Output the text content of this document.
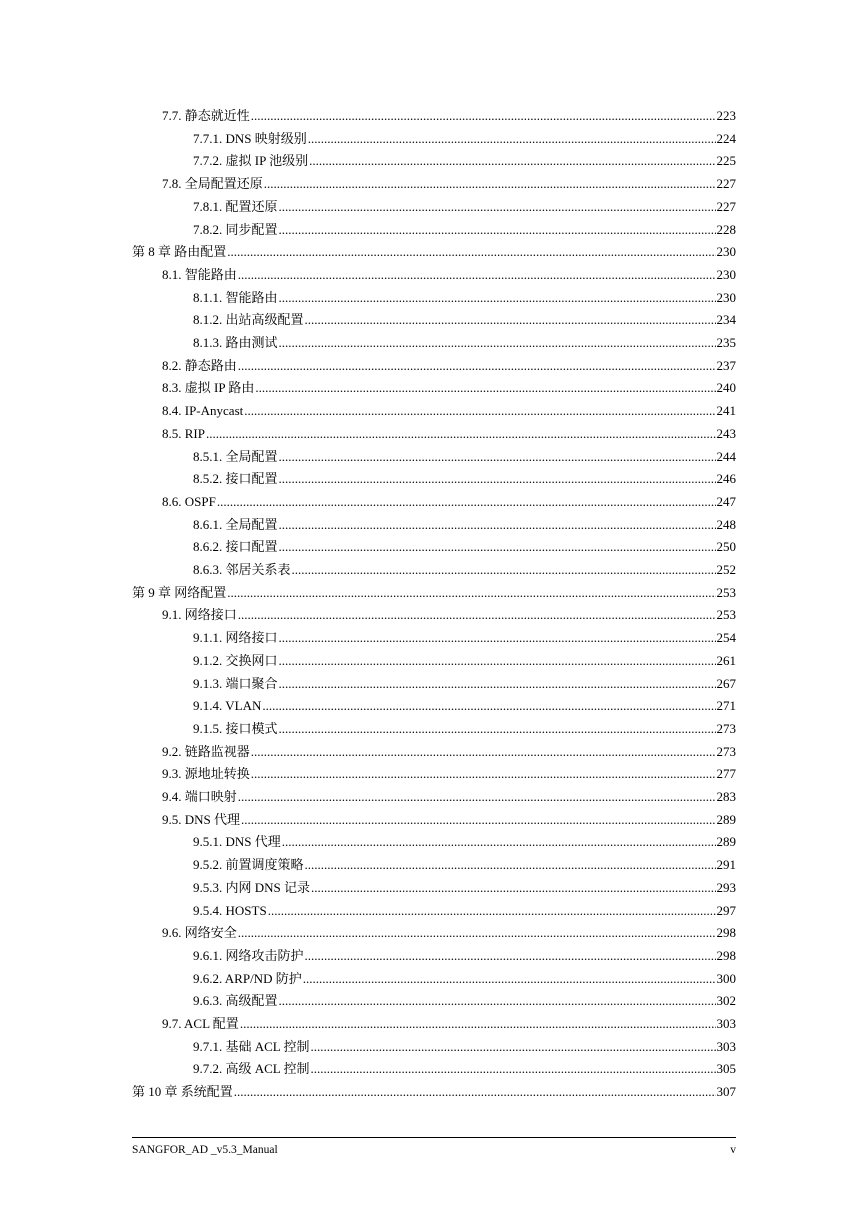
7.7. 静态就近性 .....	223
7.7.1. DNS 映射级别 .....	224
7.7.2. 虚拟 IP 池级别 .....	225
7.8. 全局配置还原 .....	227
7.8.1. 配置还原 .....	227
7.8.2. 同步配置 .....	228
第 8 章 路由配置 .....	230
8.1. 智能路由 .....	230
8.1.1. 智能路由 .....	230
8.1.2. 出站高级配置 .....	234
8.1.3. 路由测试 .....	235
8.2. 静态路由 .....	237
8.3. 虚拟 IP 路由 .....	240
8.4. IP-Anycast .....	241
8.5. RIP .....	243
8.5.1. 全局配置 .....	244
8.5.2. 接口配置 .....	246
8.6. OSPF .....	247
8.6.1. 全局配置 .....	248
8.6.2. 接口配置 .....	250
8.6.3. 邻居关系表 .....	252
第 9 章 网络配置 .....	253
9.1. 网络接口 .....	253
9.1.1. 网络接口 .....	254
9.1.2. 交换网口 .....	261
9.1.3. 端口聚合 .....	267
9.1.4. VLAN .....	271
9.1.5. 接口模式 .....	273
9.2. 链路监视器 .....	273
9.3. 源地址转换 .....	277
9.4. 端口映射 .....	283
9.5. DNS 代理 .....	289
9.5.1. DNS 代理 .....	289
9.5.2. 前置调度策略 .....	291
9.5.3. 内网 DNS 记录 .....	293
9.5.4. HOSTS .....	297
9.6. 网络安全 .....	298
9.6.1. 网络攻击防护 .....	298
9.6.2. ARP/ND 防护 .....	300
9.6.3. 高级配置 .....	302
9.7. ACL 配置 .....	303
9.7.1. 基础 ACL 控制 .....	303
9.7.2. 高级 ACL 控制 .....	305
第 10 章 系统配置 .....	307
SANGFOR_AD _v5.3_Manual	v
